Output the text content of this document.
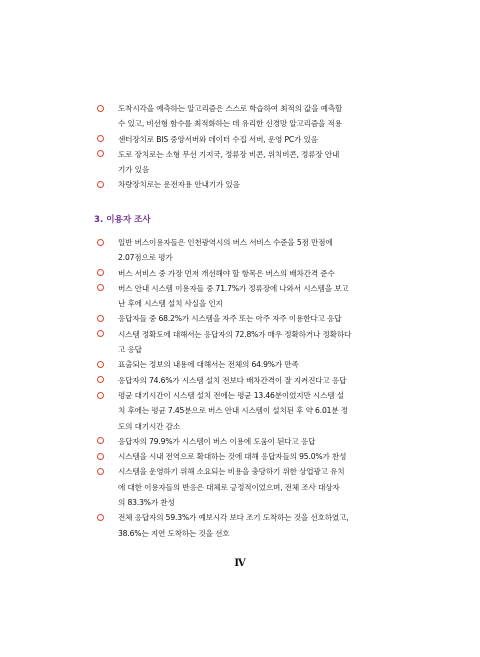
도착시각을 예측하는 알고리즘은 스스로 학습하여 최적의 값을 예측할
수 있고, 비선형 함수를 최적화하는 데 유리한 신경망 알고리즘을 적용
센터장치로 BIS 중앙서버와 데이터 수집 서버, 운영 PC가 있음
도로 장치로는 소형 무선 기지국, 정류장 비콘, 위치비콘, 정류장 안내
기가 있음
차량장치로는 운전자용 안내기가 있음
3. 이용자 조사
일반 버스이용자들은 인천광역시의 버스 서비스 수준을 5점 만점에
2.07점으로 평가
버스 서비스 중 가장 먼저 개선해야 할 항목은 버스의 배차간격 준수
버스 안내 시스템 이용자들 중 71.7%가 정류장에 나와서 시스템을 보고
난 후에 시스템 설치 사실을 인지
응답자들 중 68.2%가 시스템을 자주 또는 아주 자주 이용한다고 응답
시스템 정확도에 대해서는 응답자의 72.8%가 매우 정확하거나 정확하다
고 응답
표출되는 정보의 내용에 대해서는 전체의 64.9%가 만족
응답자의 74.6%가 시스템 설치 전보다 배차간격이 잘 지켜진다고 응답
평균 대기시간이 시스템 설치 전에는 평균 13.46분이었지만 시스템 설
치 후에는 평균 7.45분으로 버스 안내 시스템이 설치된 후 약 6.01분 정
도의 대기시간 감소
응답자의 79.9%가 시스템이 버스 이용에 도움이 된다고 응답
시스템을 시내 전역으로 확대하는 것에 대해 응답자들의 95.0%가 찬성
시스템을 운영하기 위해 소요되는 비용을 충당하기 위한 상업광고 유치
에 대한 이용자들의 반응은 대체로 긍정적이었으며, 전체 조사 대상자
의 83.3%가 찬성
전체 응답자의 59.3%가 예보시각 보다 조기 도착하는 것을 선호하였고,
38.6%는 지연 도착하는 것을 선호
Ⅳ
